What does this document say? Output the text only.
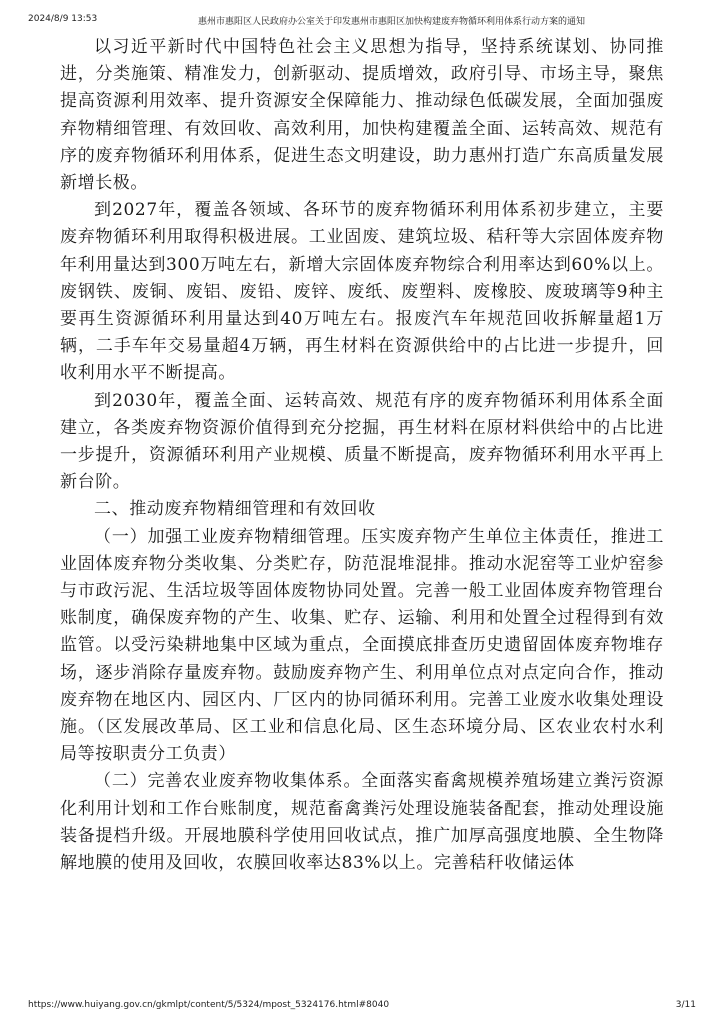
2024/8/9 13:53	惠州市惠阳区人民政府办公室关于印发惠州市惠阳区加快构建废弃物循环利用体系行动方案的通知

以习近平新时代中国特色社会主义思想为指导，坚持系统谋划、协同推进，分类施策、精准发力，创新驱动、提质增效，政府引导、市场主导，聚焦提高资源利用效率、提升资源安全保障能力、推动绿色低碳发展，全面加强废弃物精细管理、有效回收、高效利用，加快构建覆盖全面、运转高效、规范有序的废弃物循环利用体系，促进生态文明建设，助力惠州打造广东高质量发展新增长极。

到2027年，覆盖各领域、各环节的废弃物循环利用体系初步建立，主要废弃物循环利用取得积极进展。工业固废、建筑垃圾、秸秆等大宗固体废弃物年利用量达到300万吨左右，新增大宗固体废弃物综合利用率达到60%以上。废钢铁、废铜、废铝、废铅、废锌、废纸、废塑料、废橡胶、废玻璃等9种主要再生资源循环利用量达到40万吨左右。报废汽车年规范回收拆解量超1万辆，二手车年交易量超4万辆，再生材料在资源供给中的占比进一步提升，回收利用水平不断提高。

到2030年，覆盖全面、运转高效、规范有序的废弃物循环利用体系全面建立，各类废弃物资源价值得到充分挖掘，再生材料在原材料供给中的占比进一步提升，资源循环利用产业规模、质量不断提高，废弃物循环利用水平再上新台阶。

二、推动废弃物精细管理和有效回收

（一）加强工业废弃物精细管理。压实废弃物产生单位主体责任，推进工业固体废弃物分类收集、分类贮存，防范混堆混排。推动水泥窑等工业炉窑参与市政污泥、生活垃圾等固体废物协同处置。完善一般工业固体废弃物管理台账制度，确保废弃物的产生、收集、贮存、运输、利用和处置全过程得到有效监管。以受污染耕地集中区域为重点，全面摸底排查历史遗留固体废弃物堆存场，逐步消除存量废弃物。鼓励废弃物产生、利用单位点对点定向合作，推动废弃物在地区内、园区内、厂区内的协同循环利用。完善工业废水收集处理设施。（区发展改革局、区工业和信息化局、区生态环境分局、区农业农村水利局等按职责分工负责）

（二）完善农业废弃物收集体系。全面落实畜禽规模养殖场建立粪污资源化利用计划和工作台账制度，规范畜禽粪污处理设施装备配套，推动处理设施装备提档升级。开展地膜科学使用回收试点，推广加厚高强度地膜、全生物降解地膜的使用及回收，农膜回收率达83%以上。完善秸秆收储运体

https://www.huiyang.gov.cn/gkmlpt/content/5/5324/mpost_5324176.html#8040	3/11
